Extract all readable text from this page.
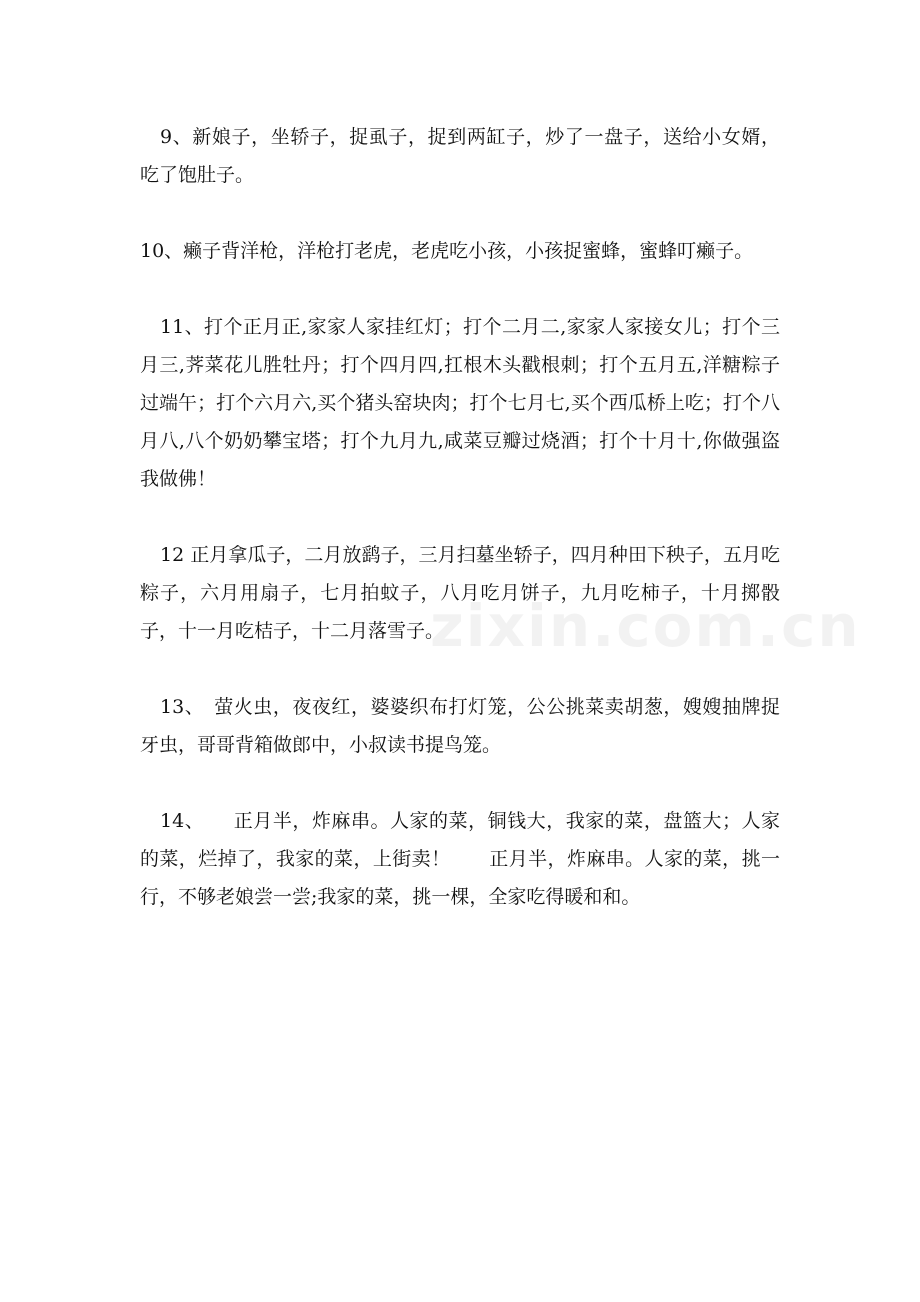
zixin.com.cn

9、新娘子，坐轿子，捉虱子，捉到两缸子，炒了一盘子，送给小女婿，吃了饱肚子。

10、癞子背洋枪，洋枪打老虎，老虎吃小孩，小孩捉蜜蜂，蜜蜂叮癞子。

11、打个正月正,家家人家挂红灯；打个二月二,家家人家接女儿；打个三月三,荠菜花儿胜牡丹；打个四月四,扛根木头戳根刺；打个五月五,洋糖粽子过端午；打个六月六,买个猪头窑块肉；打个七月七,买个西瓜桥上吃；打个八月八,八个奶奶攀宝塔；打个九月九,咸菜豆瓣过烧酒；打个十月十,你做强盗我做佛！

12 正月拿瓜子，二月放鹞子，三月扫墓坐轿子，四月种田下秧子，五月吃粽子，六月用扇子，七月拍蚊子，八月吃月饼子，九月吃柿子，十月掷骰子，十一月吃桔子，十二月落雪子。

13、　萤火虫，夜夜红，婆婆织布打灯笼，公公挑菜卖胡葱，嫂嫂抽牌捉牙虫，哥哥背箱做郎中，小叔读书提鸟笼。

14、　　正月半，炸麻串。人家的菜，铜钱大，我家的菜，盘篮大；人家的菜，烂掉了，我家的菜，上街卖！　　正月半，炸麻串。人家的菜，挑一行，不够老娘尝一尝;我家的菜，挑一棵，全家吃得暖和和。
